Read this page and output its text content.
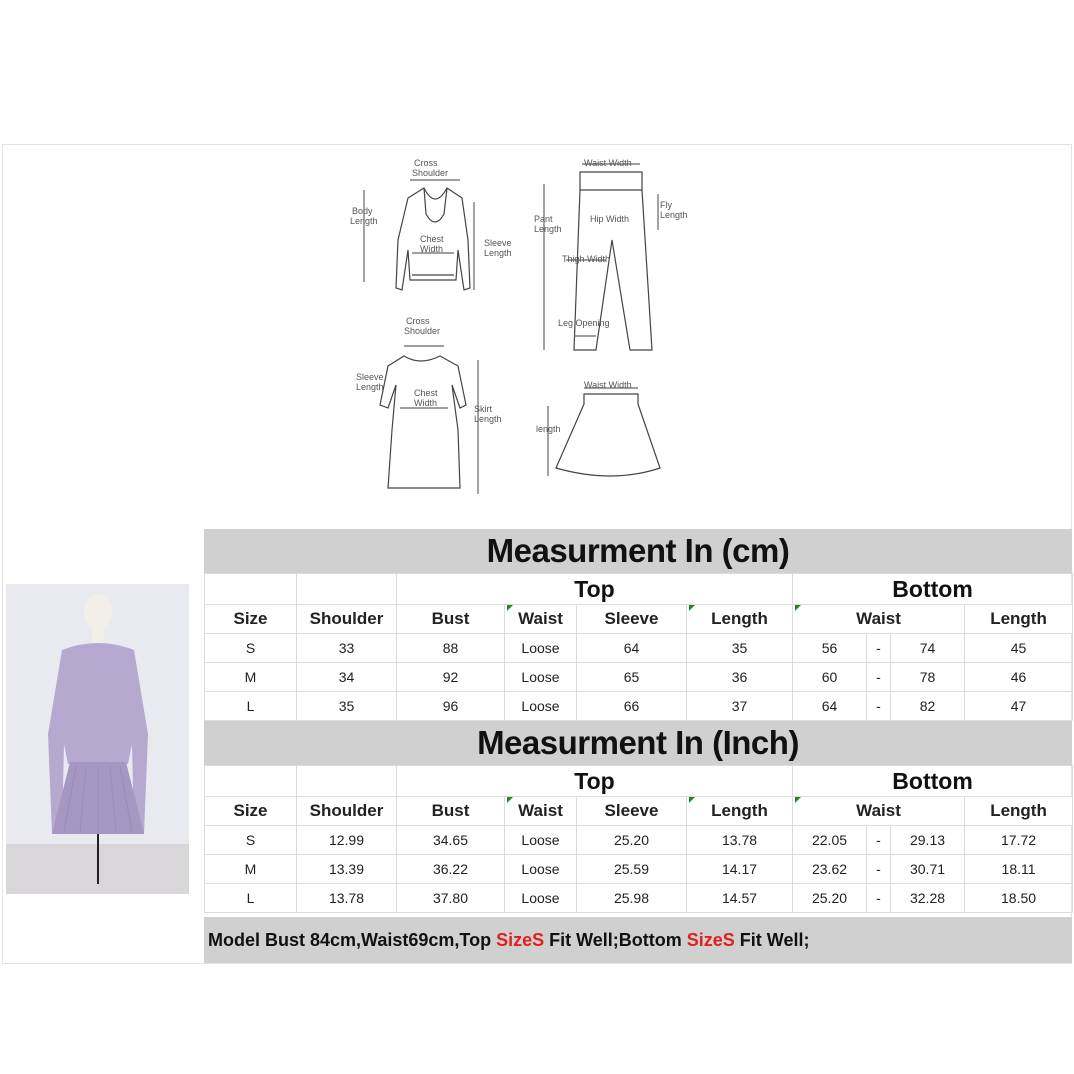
Cross
Shoulder
Body
Length
Chest
Width
Sleeve
Length
Waist Width
Pant
Length
Hip Width
Fly
Length
Thigh Width
Leg Opening
Cross
Shoulder
Sleeve
Length
Chest
Width
Skirt
Length
Waist Width
length
Measurment In (cm)
		Top				Bottom			
Size	Shoulder	Bust	Waist	Sleeve	Length	Waist			Length
S	33	88	Loose	64	35	56	-	74	45
M	34	92	Loose	65	36	60	-	78	46
L	35	96	Loose	66	37	64	-	82	47
Measurment In (Inch)
		Top				Bottom			
Size	Shoulder	Bust	Waist	Sleeve	Length	Waist			Length
S	12.99	34.65	Loose	25.20	13.78	22.05	-	29.13	17.72
M	13.39	36.22	Loose	25.59	14.17	23.62	-	30.71	18.11
L	13.78	37.80	Loose	25.98	14.57	25.20	-	32.28	18.50
Model Bust 84cm,Waist69cm,Top SizeS Fit Well;Bottom SizeS Fit Well;
